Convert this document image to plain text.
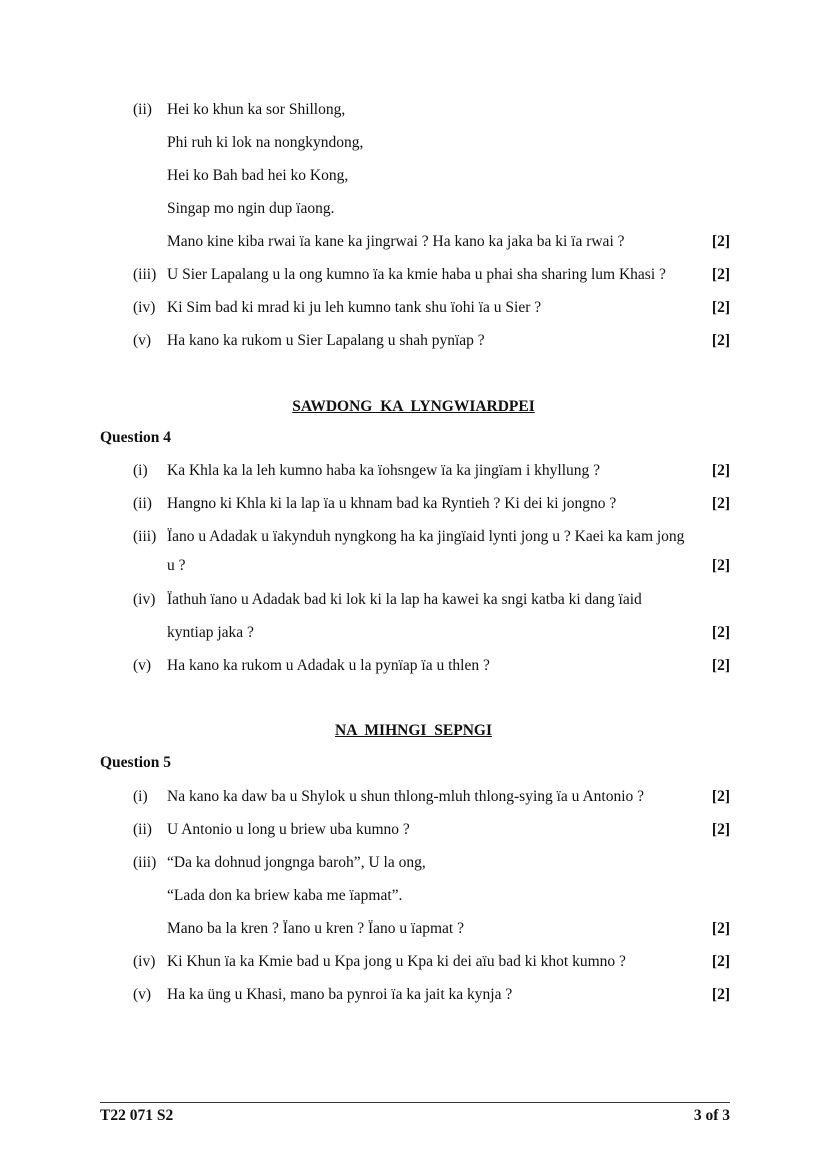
(ii) Hei ko khun ka sor Shillong,
Phi ruh ki lok na nongkyndong,
Hei ko Bah bad hei ko Kong,
Singap mo ngin dup ïaong.
Mano kine kiba rwai ïa kane ka jingrwai ? Ha kano ka jaka ba ki ïa rwai ?	[2]
(iii) U Sier Lapalang u la ong kumno ïa ka kmie haba u phai sha sharing lum Khasi ?	[2]
(iv) Ki Sim bad ki mrad ki ju leh kumno tank shu ïohi ïa u Sier ?	[2]
(v) Ha kano ka rukom u Sier Lapalang u shah pynïap ?	[2]
SAWDONG KA LYNGWIARDPEI
Question 4
(i) Ka Khla ka la leh kumno haba ka ïohsngew ïa ka jingïam i khyllung ?	[2]
(ii) Hangno ki Khla ki la lap ïa u khnam bad ka Ryntieh ? Ki dei ki jongno ?	[2]
(iii) Ïano u Adadak u ïakynduh nyngkong ha ka jingïaid lynti jong u ? Kaei ka kam jong
u ?	[2]
(iv) Ïathuh ïano u Adadak bad ki lok ki la lap ha kawei ka sngi katba ki dang ïaid
kyntiap jaka ?	[2]
(v) Ha kano ka rukom u Adadak u la pynïap ïa u thlen ?	[2]
NA MIHNGI SEPNGI
Question 5
(i) Na kano ka daw ba u Shylok u shun thlong-mluh thlong-sying ïa u Antonio ?	[2]
(ii) U Antonio u long u briew uba kumno ?	[2]
(iii) “Da ka dohnud jongnga baroh”, U la ong,
“Lada don ka briew kaba me ïapmat”.
Mano ba la kren ? Ïano u kren ? Ïano u ïapmat ?	[2]
(iv) Ki Khun ïa ka Kmie bad u Kpa jong u Kpa ki dei aïu bad ki khot kumno ?	[2]
(v) Ha ka üng u Khasi, mano ba pynroi ïa ka jait ka kynja ?	[2]
T22 071 S2	3 of 3
